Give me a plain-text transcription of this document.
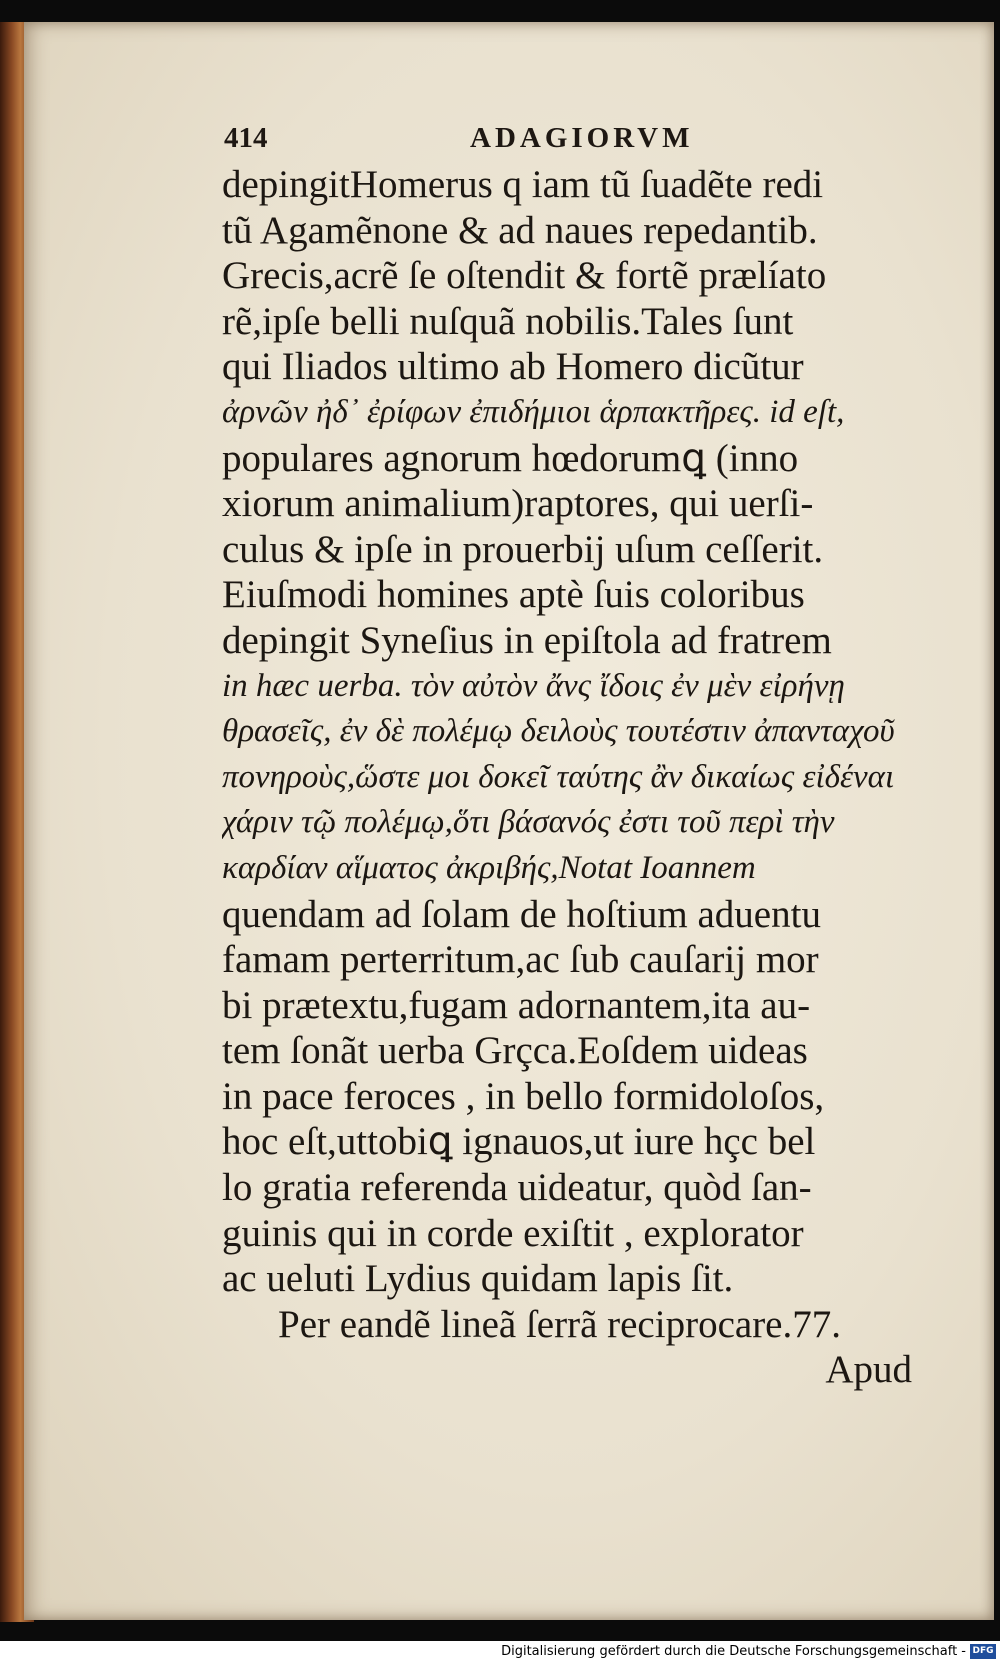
414	ADAGIORVM
depingitHomerus q iam tũ ſuadẽte redi
tũ Agamẽnone & ad naues repedantib.
Grecis,acrẽ ſe oſtendit & fortẽ prælíato
rẽ,ipſe belli nuſquã nobilis.Tales ſunt
qui Iliados ultimo ab Homero dicũtur
ἀρνῶν ἠδ᾽ ἐρίφων ἐπιδήμιοι ἁρπακτῆρες. id eſt,
populares agnorum hœdorumꝗ (inno
xiorum animalium)raptores, qui uerſi-
culus & ipſe in prouerbij uſum ceſſerit.
Eiuſmodi homines aptè ſuis coloribus
depingit Syneſius in epiſtola ad fratrem
in hæc uerba. τὸν αὐτὸν ἄνς ἴδοις ἐν μὲν εἰρήνῃ
θρασεῖς, ἐν δὲ πολέμῳ δειλοὺς τουτέστιν ἀπανταχοῦ
πονηροὺς,ὥστε μοι δοκεῖ ταύτης ἂν δικαίως εἰδέναι
χάριν τῷ πολέμῳ,ὅτι βάσανός ἐστι τοῦ περὶ τὴν
καρδίαν αἵματος ἀκριβής,Notat Ioannem
quendam ad ſolam de hoſtium aduentu
famam perterritum,ac ſub cauſarij mor
bi prætextu,fugam adornantem,ita au-
tem ſonãt uerba Grçca.Eoſdem uideas
in pace feroces , in bello formidoloſos,
hoc eſt,uttobiꝗ ignauos,ut iure hçc bel
lo gratia referenda uideatur, quòd ſan-
guinis qui in corde exiſtit , explorator
ac ueluti Lydius quidam lapis ſit.
Per eandẽ lineã ſerrã reciprocare.77.
Apud
Digitalisierung gefördert durch die Deutsche Forschungsgemeinschaft - DFG
